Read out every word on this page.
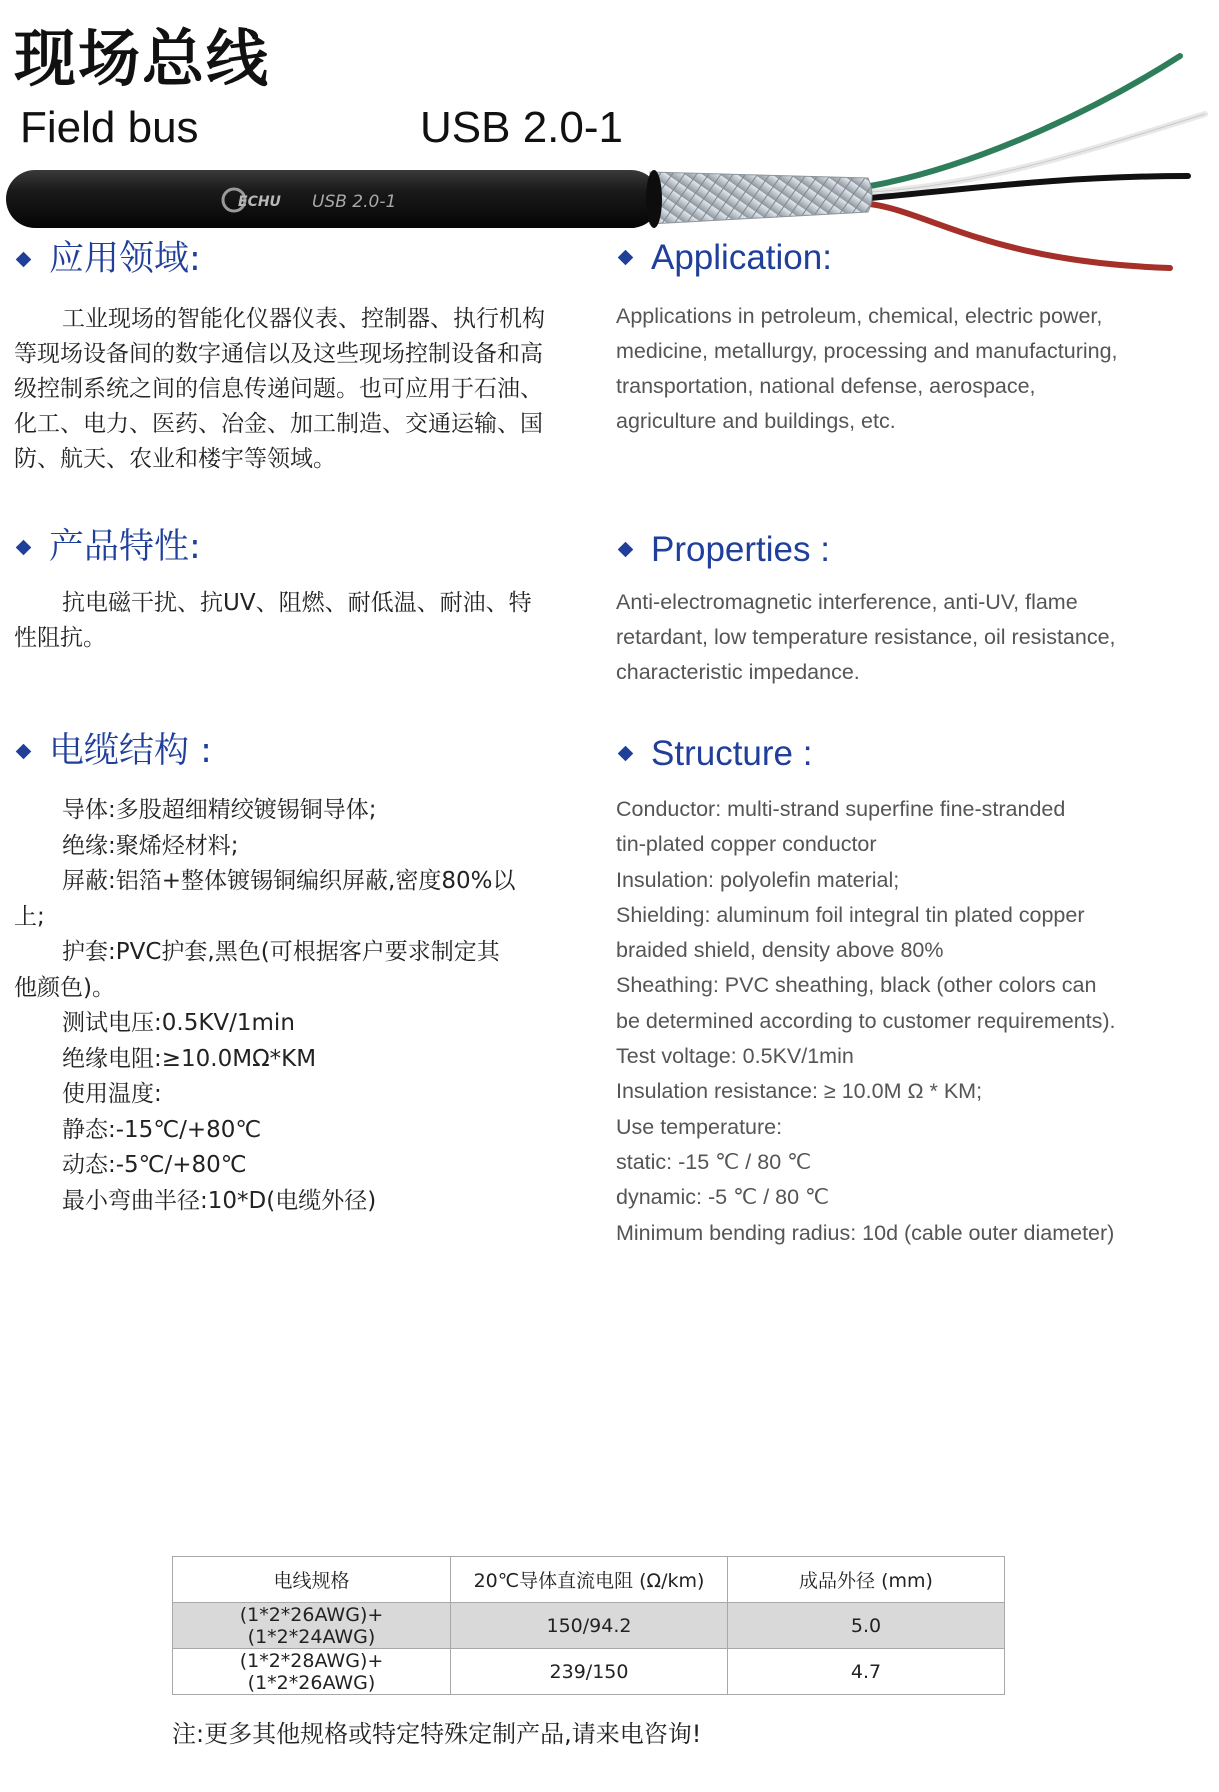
现场总线
Field bus	USB 2.0-1
ECHU USB 2.0-1
应用领域:	Application:
工业现场的智能化仪器仪表、控制器、执行机构
等现场设备间的数字通信以及这些现场控制设备和高
级控制系统之间的信息传递问题。也可应用于石油、
化工、电力、医药、冶金、加工制造、交通运输、国
防、航天、农业和楼宇等领域。
Applications in petroleum, chemical, electric power,
medicine, metallurgy, processing and manufacturing,
transportation, national defense, aerospace,
agriculture and buildings, etc.
产品特性:	Properties :
抗电磁干扰、抗UV、阻燃、耐低温、耐油、特
性阻抗。
Anti-electromagnetic interference, anti-UV, flame
retardant, low temperature resistance, oil resistance,
characteristic impedance.
电缆结构 :	Structure :
导体:多股超细精绞镀锡铜导体;
绝缘:聚烯烃材料;
屏蔽:铝箔+整体镀锡铜编织屏蔽,密度80%以
上;
护套:PVC护套,黑色(可根据客户要求制定其
他颜色)。
测试电压:0.5KV/1min
绝缘电阻:≥10.0MΩ*KM
使用温度:
静态:-15℃/+80℃
动态:-5℃/+80℃
最小弯曲半径:10*D(电缆外径)
Conductor: multi-strand superfine fine-stranded
tin-plated copper conductor
Insulation: polyolefin material;
Shielding: aluminum foil integral tin plated copper
braided shield, density above 80%
Sheathing: PVC sheathing, black (other colors can
be determined according to customer requirements).
Test voltage: 0.5KV/1min
Insulation resistance: ≥ 10.0M Ω * KM;
Use temperature:
static: -15 ℃ / 80 ℃
dynamic: -5 ℃ / 80 ℃
Minimum bending radius: 10d (cable outer diameter)
电线规格	20℃导体直流电阻 (Ω/km)	成品外径 (mm)
(1*2*26AWG)+(1*2*24AWG)	150/94.2	5.0
(1*2*28AWG)+(1*2*26AWG)	239/150	4.7
注:更多其他规格或特定特殊定制产品,请来电咨询!
